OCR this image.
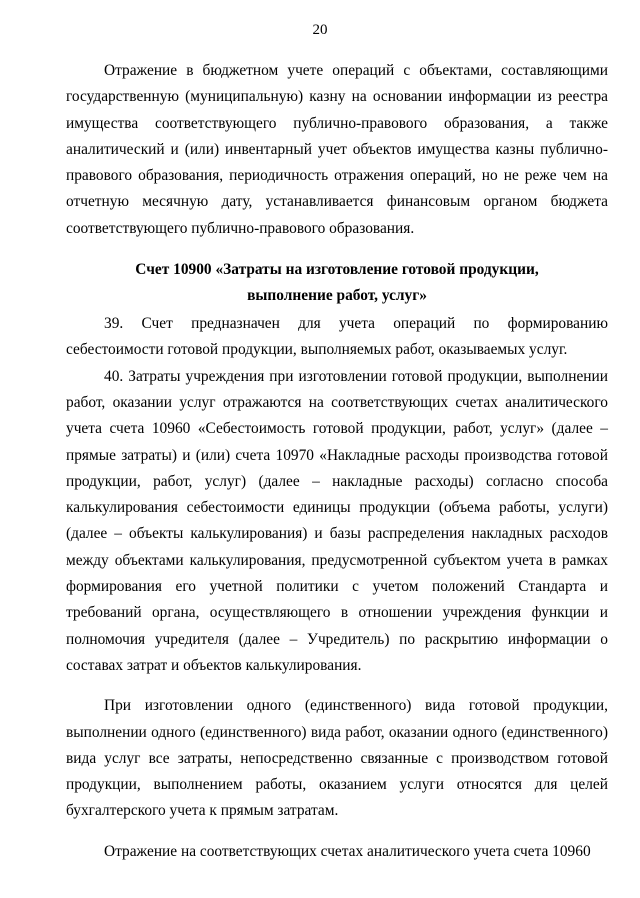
20

Отражение в бюджетном учете операций с объектами, составляющими государственную (муниципальную) казну на основании информации из реестра имущества соответствующего публично-правового образования, а также аналитический и (или) инвентарный учет объектов имущества казны публично-правового образования, периодичность отражения операций, но не реже чем на отчетную месячную дату, устанавливается финансовым органом бюджета соответствующего публично-правового образования.

Счет 10900 «Затраты на изготовление готовой продукции,
выполнение работ, услуг»

39. Счет предназначен для учета операций по формированию себестоимости готовой продукции, выполняемых работ, оказываемых услуг.

40. Затраты учреждения при изготовлении готовой продукции, выполнении работ, оказании услуг отражаются на соответствующих счетах аналитического учета счета 10960 «Себестоимость готовой продукции, работ, услуг» (далее – прямые затраты) и (или) счета 10970 «Накладные расходы производства готовой продукции, работ, услуг) (далее – накладные расходы) согласно способа калькулирования себестоимости единицы продукции (объема работы, услуги) (далее – объекты калькулирования) и базы распределения накладных расходов между объектами калькулирования, предусмотренной субъектом учета в рамках формирования его учетной политики с учетом положений Стандарта и требований органа, осуществляющего в отношении учреждения функции и полномочия учредителя (далее – Учредитель) по раскрытию информации о составах затрат и объектов калькулирования.

При изготовлении одного (единственного) вида готовой продукции, выполнении одного (единственного) вида работ, оказании одного (единственного) вида услуг все затраты, непосредственно связанные с производством готовой продукции, выполнением работы, оказанием услуги относятся для целей бухгалтерского учета к прямым затратам.

Отражение на соответствующих счетах аналитического учета счета 10960
